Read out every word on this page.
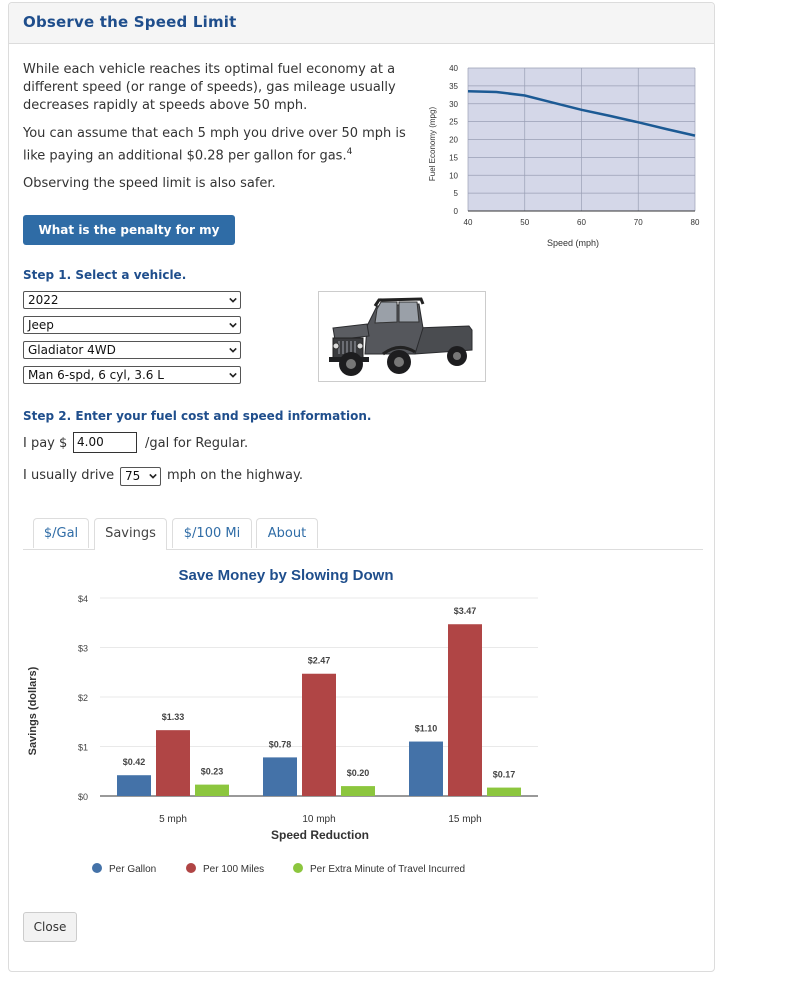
Observe the Speed Limit

While each vehicle reaches its optimal fuel economy at a different speed (or range of speeds), gas mileage usually decreases rapidly at speeds above 50 mph.

You can assume that each 5 mph you drive over 50 mph is like paying an additional $0.28 per gallon for gas.$^4$

Observing the speed limit is also safer.

What is the penalty for my car?
Step 1. Select a vehicle.
2022
Jeep
Gladiator 4WD
Man 6-spd, 6 cyl, 3.6 L
Step 2. Enter your fuel cost and speed information.
I pay $ 4.00	/gal for Regular.
I usually drive 75	mph on the highway.
$/Gal	Savings	$/100 Mi	About
Close
0
5
10
15
20
25
30
35
40
40	50	60	70	80
Speed (mph)
Fuel Economy (mpg)
Save Money by Slowing Down
$0
$1
$2
$3
$4
$0.42
$1.33
$0.23
$0.78
$2.47
$0.20
$1.10
$3.47
$0.17
5 mph	10 mph	15 mph
Speed Reduction
Savings (dollars)
Per Gallon	Per 100 Miles	Per Extra Minute of Travel Incurred
